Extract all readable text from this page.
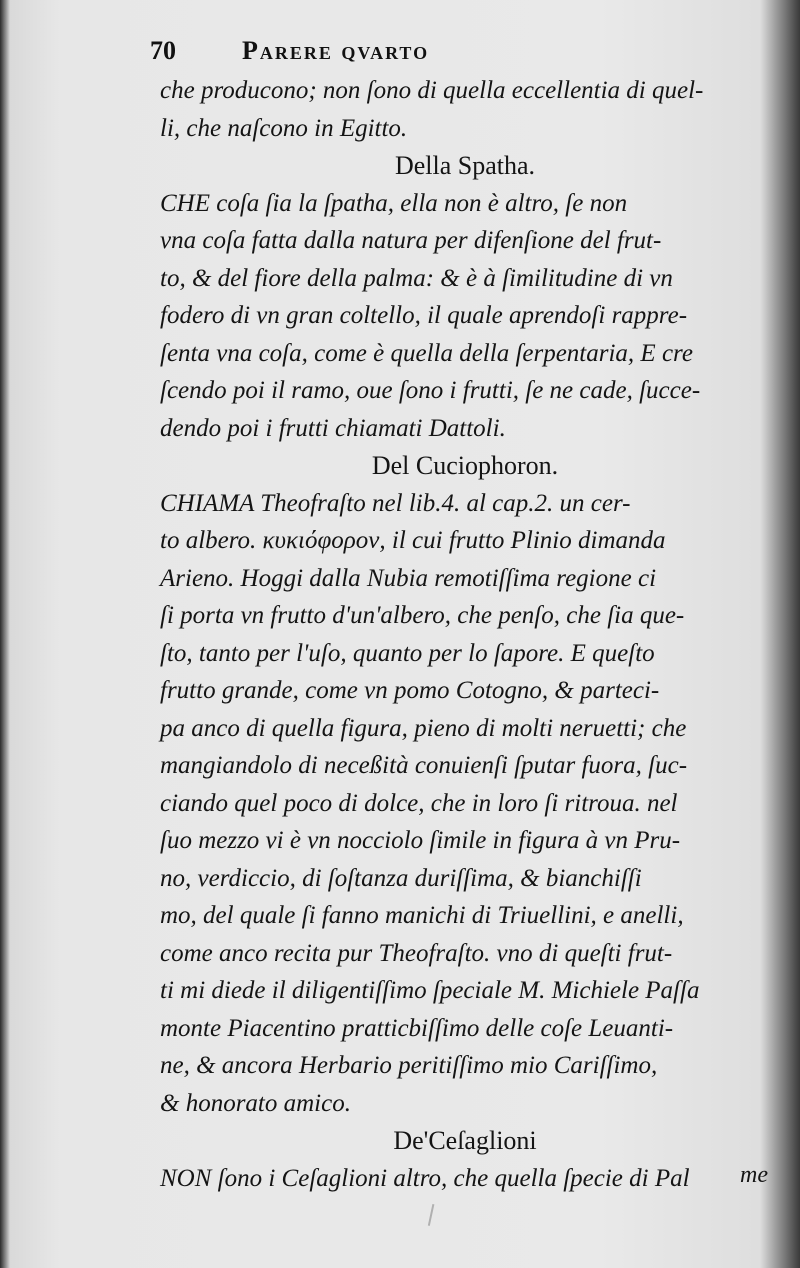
70	Parere qvarto
che producono; non ſono di quella eccellentia di quel-
li, che naſcono in Egitto.
Della Spatha.
CHE coſa ſia la ſpatha, ella non è altro, ſe non
vna coſa fatta dalla natura per difenſione del frut-
to, & del fiore della palma: & è à ſimilitudine di vn
fodero di vn gran coltello, il quale aprendoſi rappre-
ſenta vna coſa, come è quella della ſerpentaria, E cre
ſcendo poi il ramo, oue ſono i frutti, ſe ne cade, ſucce-
dendo poi i frutti chiamati Dattoli.
Del Cuciophoron.
CHIAMA Theofraſto nel lib.4. al cap.2. un cer-
to albero. κυκιόφορον, il cui frutto Plinio dimanda
Arieno. Hoggi dalla Nubia remotiſſima regione ci
ſi porta vn frutto d'un'albero, che penſo, che ſia que-
ſto, tanto per l'uſo, quanto per lo ſapore. E queſto
frutto grande, come vn pomo Cotogno, & parteci-
pa anco di quella figura, pieno di molti neruetti; che
mangiandolo di neceßità conuienſi ſputar fuora, ſuc-
ciando quel poco di dolce, che in loro ſi ritroua. nel
ſuo mezzo vi è vn nocciolo ſimile in figura à vn Pru-
no, verdiccio, di ſoſtanza duriſſima, & bianchiſſi
mo, del quale ſi fanno manichi di Triuellini, e anelli,
come anco recita pur Theofraſto. vno di queſti frut-
ti mi diede il diligentiſſimo ſpeciale M. Michiele Paſſa
monte Piacentino pratticbiſſimo delle coſe Leuanti-
ne, & ancora Herbario peritiſſimo mio Cariſſimo,
& honorato amico.
De'Ceſaglioni
NON ſono i Ceſaglioni altro, che quella ſpecie di Pal	me
